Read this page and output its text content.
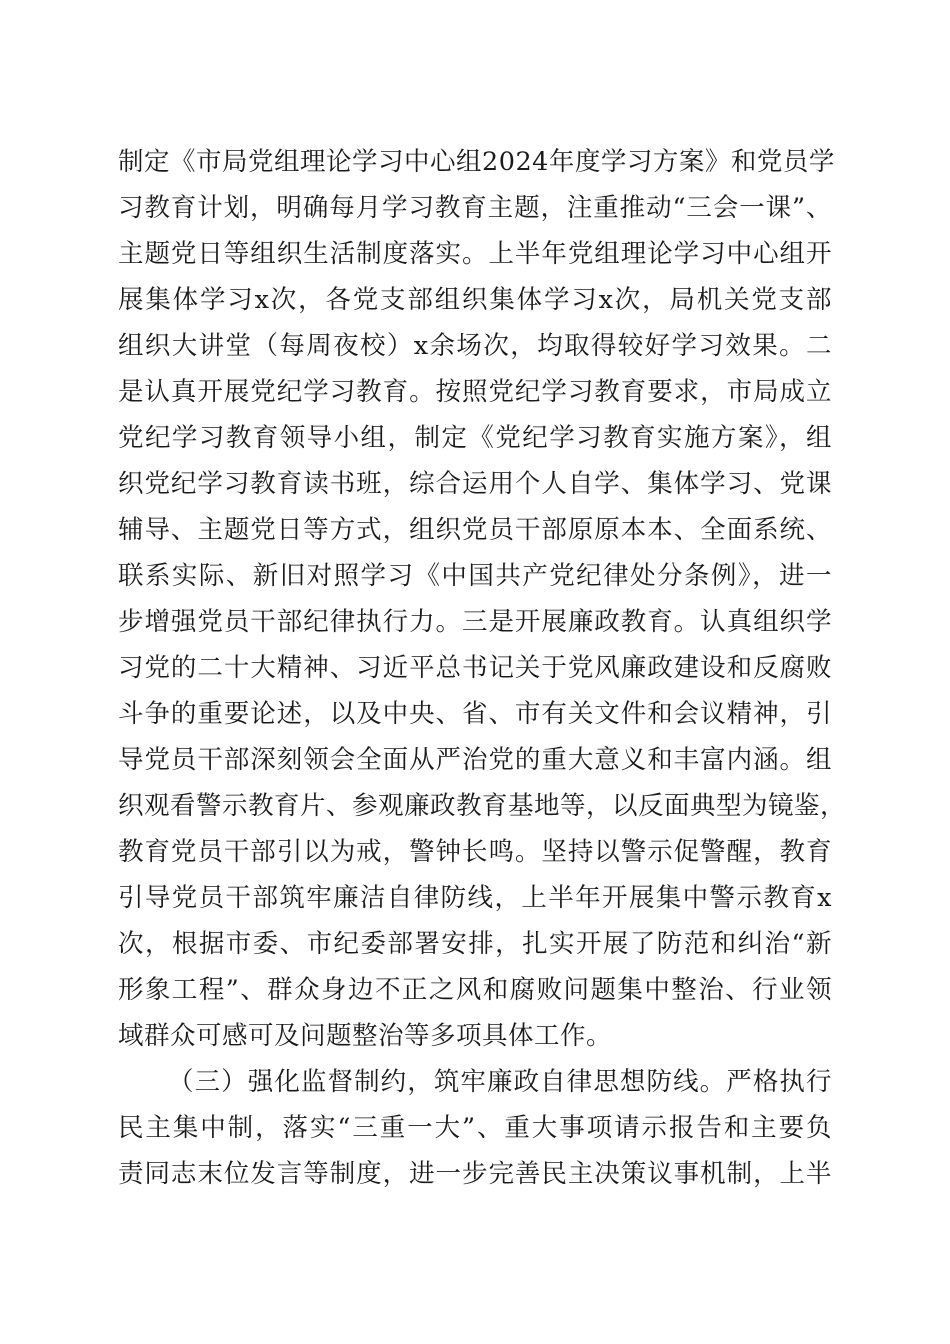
制定《市局党组理论学习中心组2024年度学习方案》和党员学
习教育计划，明确每月学习教育主题，注重推动“三会一课”、
主题党日等组织生活制度落实。上半年党组理论学习中心组开
展集体学习x次，各党支部组织集体学习x次，局机关党支部
组织大讲堂（每周夜校）x余场次，均取得较好学习效果。二
是认真开展党纪学习教育。按照党纪学习教育要求，市局成立
党纪学习教育领导小组，制定《党纪学习教育实施方案》，组
织党纪学习教育读书班，综合运用个人自学、集体学习、党课
辅导、主题党日等方式，组织党员干部原原本本、全面系统、
联系实际、新旧对照学习《中国共产党纪律处分条例》，进一
步增强党员干部纪律执行力。三是开展廉政教育。认真组织学
习党的二十大精神、习近平总书记关于党风廉政建设和反腐败
斗争的重要论述，以及中央、省、市有关文件和会议精神，引
导党员干部深刻领会全面从严治党的重大意义和丰富内涵。组
织观看警示教育片、参观廉政教育基地等，以反面典型为镜鉴，
教育党员干部引以为戒，警钟长鸣。坚持以警示促警醒，教育
引导党员干部筑牢廉洁自律防线，上半年开展集中警示教育x
次，根据市委、市纪委部署安排，扎实开展了防范和纠治“新
形象工程”、群众身边不正之风和腐败问题集中整治、行业领
域群众可感可及问题整治等多项具体工作。
（三）强化监督制约，筑牢廉政自律思想防线。严格执行
民主集中制，落实“三重一大”、重大事项请示报告和主要负
责同志末位发言等制度，进一步完善民主决策议事机制，上半
